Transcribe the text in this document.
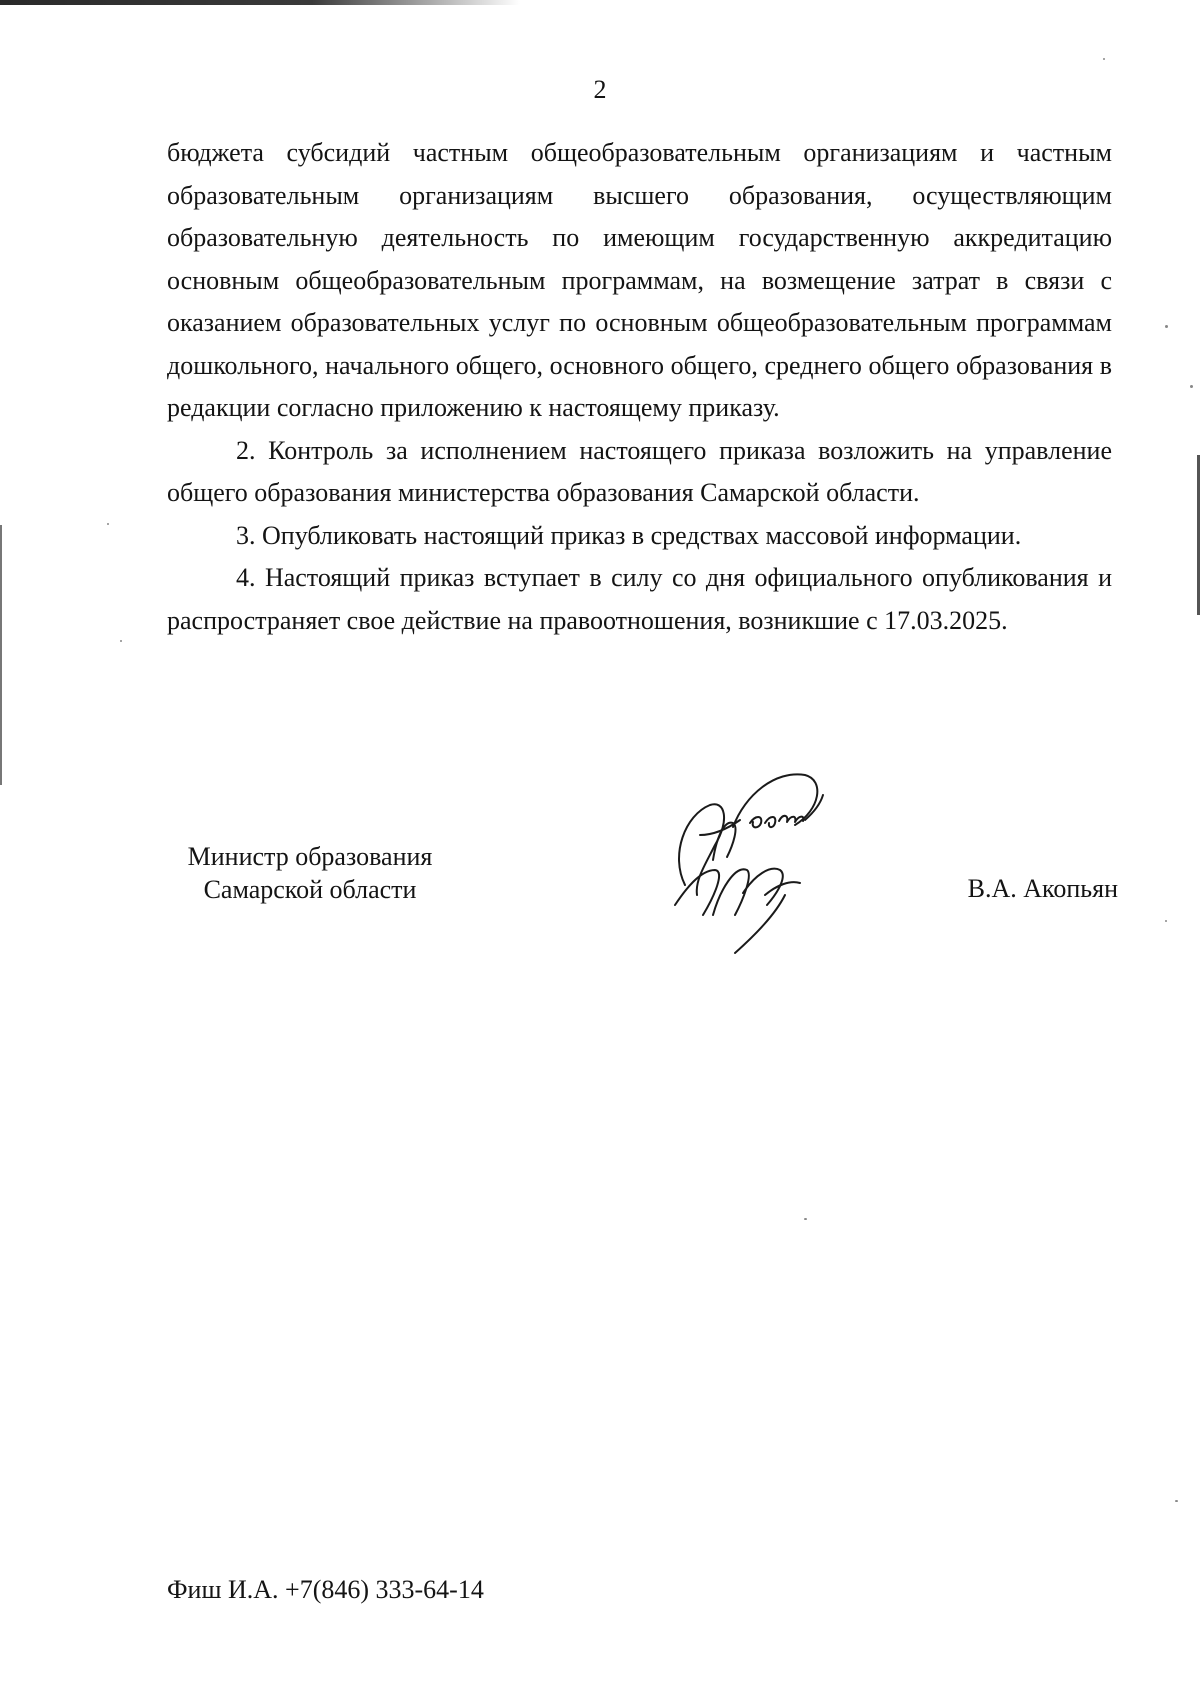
2

бюджета субсидий частным общеобразовательным организациям и частным образовательным организациям высшего образования, осуществляющим образовательную деятельность по имеющим государственную аккредитацию основным общеобразовательным программам, на возмещение затрат в связи с оказанием образовательных услуг по основным общеобразовательным программам дошкольного, начального общего, основного общего, среднего общего образования в редакции согласно приложению к настоящему приказу.

2. Контроль за исполнением настоящего приказа возложить на управление общего образования министерства образования Самарской области.

3. Опубликовать настоящий приказ в средствах массовой информации.

4. Настоящий приказ вступает в силу со дня официального опубликования и распространяет свое действие на правоотношения, возникшие с 17.03.2025.

Министр образования
Самарской области	В.А. Акопьян
Фиш И.А. +7(846) 333-64-14
